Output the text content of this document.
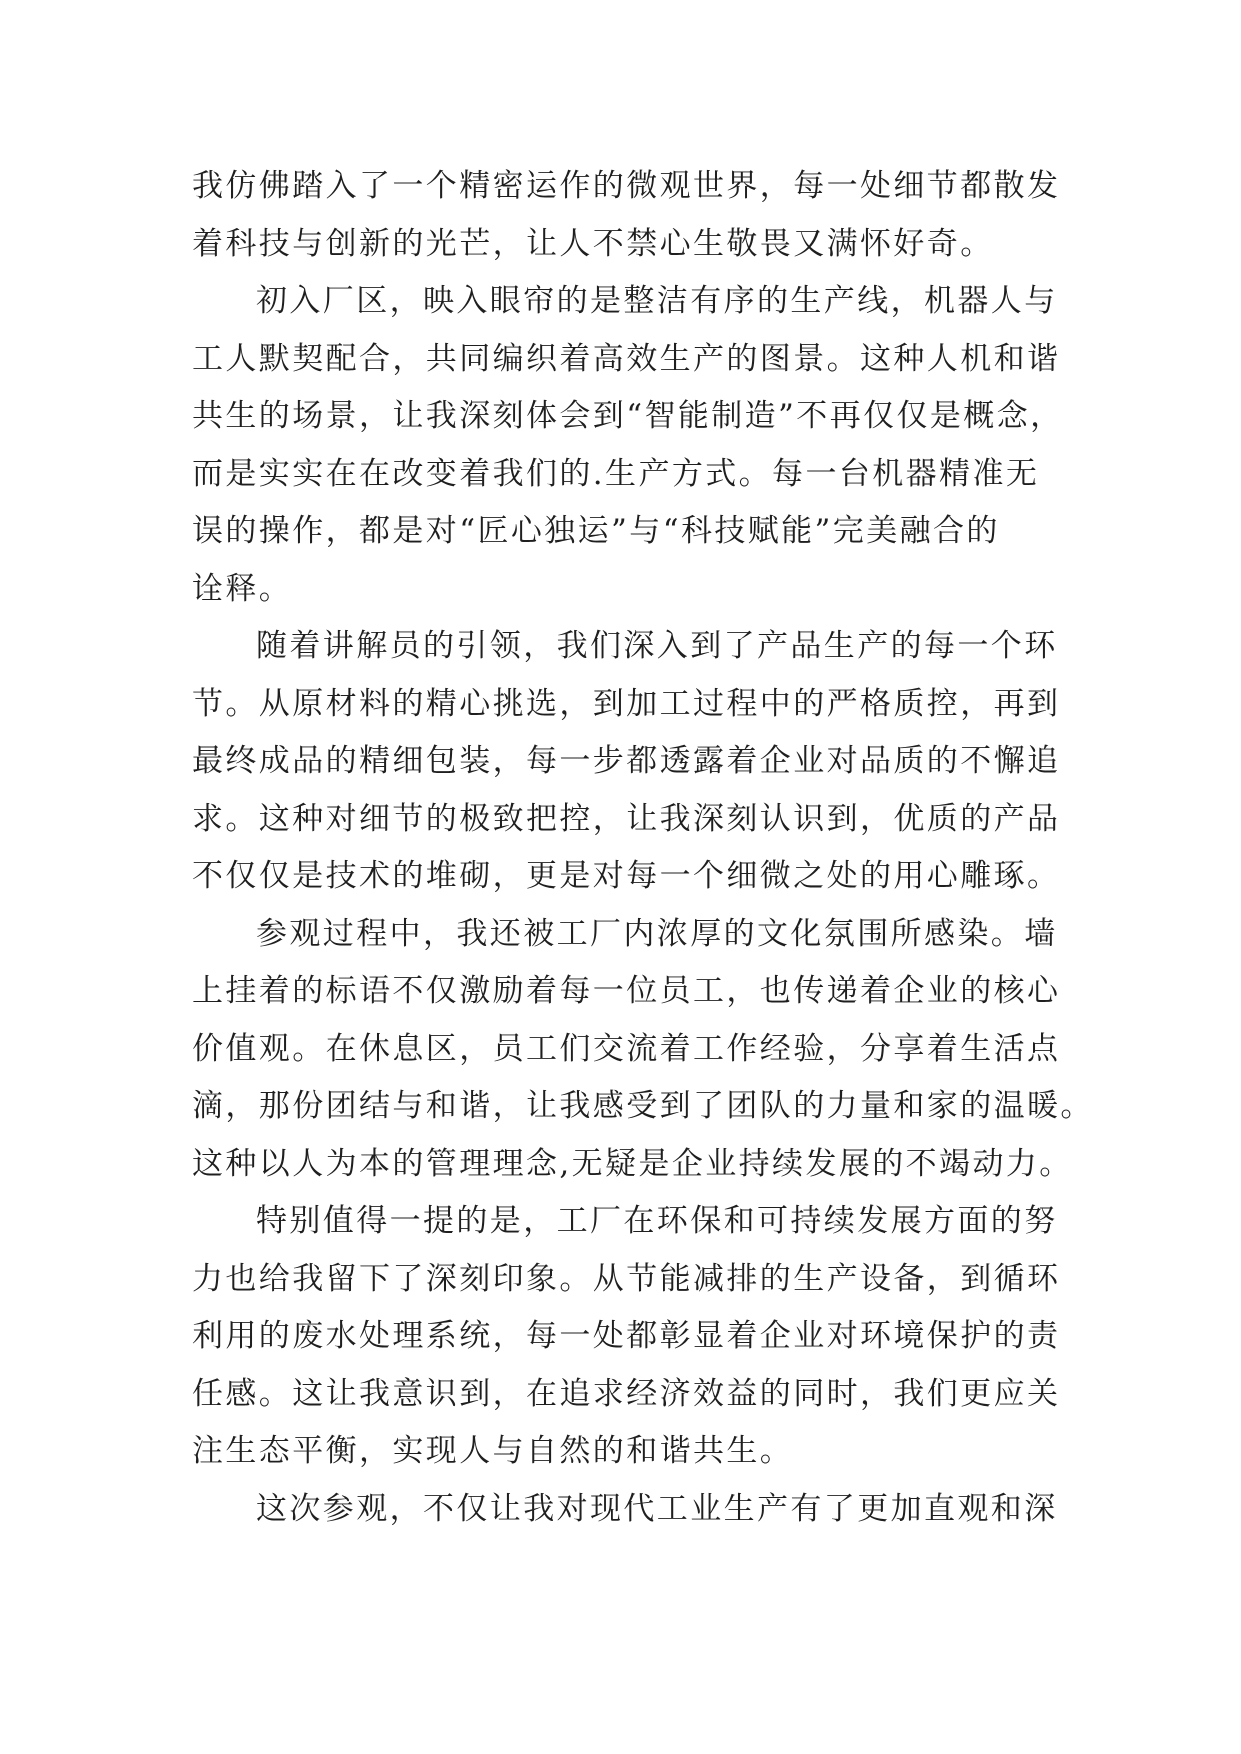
我仿佛踏入了一个精密运作的微观世界，每一处细节都散发
着科技与创新的光芒，让人不禁心生敬畏又满怀好奇。
初入厂区，映入眼帘的是整洁有序的生产线，机器人与
工人默契配合，共同编织着高效生产的图景。这种人机和谐
共生的场景，让我深刻体会到“智能制造”不再仅仅是概念，
而是实实在在改变着我们的.生产方式。每一台机器精准无
误的操作，都是对“匠心独运”与“科技赋能”完美融合的
诠释。
随着讲解员的引领，我们深入到了产品生产的每一个环
节。从原材料的精心挑选，到加工过程中的严格质控，再到
最终成品的精细包装，每一步都透露着企业对品质的不懈追
求。这种对细节的极致把控，让我深刻认识到，优质的产品
不仅仅是技术的堆砌，更是对每一个细微之处的用心雕琢。
参观过程中，我还被工厂内浓厚的文化氛围所感染。墙
上挂着的标语不仅激励着每一位员工，也传递着企业的核心
价值观。在休息区，员工们交流着工作经验，分享着生活点
滴，那份团结与和谐，让我感受到了团队的力量和家的温暖。
这种以人为本的管理理念,无疑是企业持续发展的不竭动力。
特别值得一提的是，工厂在环保和可持续发展方面的努
力也给我留下了深刻印象。从节能减排的生产设备，到循环
利用的废水处理系统，每一处都彰显着企业对环境保护的责
任感。这让我意识到，在追求经济效益的同时，我们更应关
注生态平衡，实现人与自然的和谐共生。
这次参观，不仅让我对现代工业生产有了更加直观和深
